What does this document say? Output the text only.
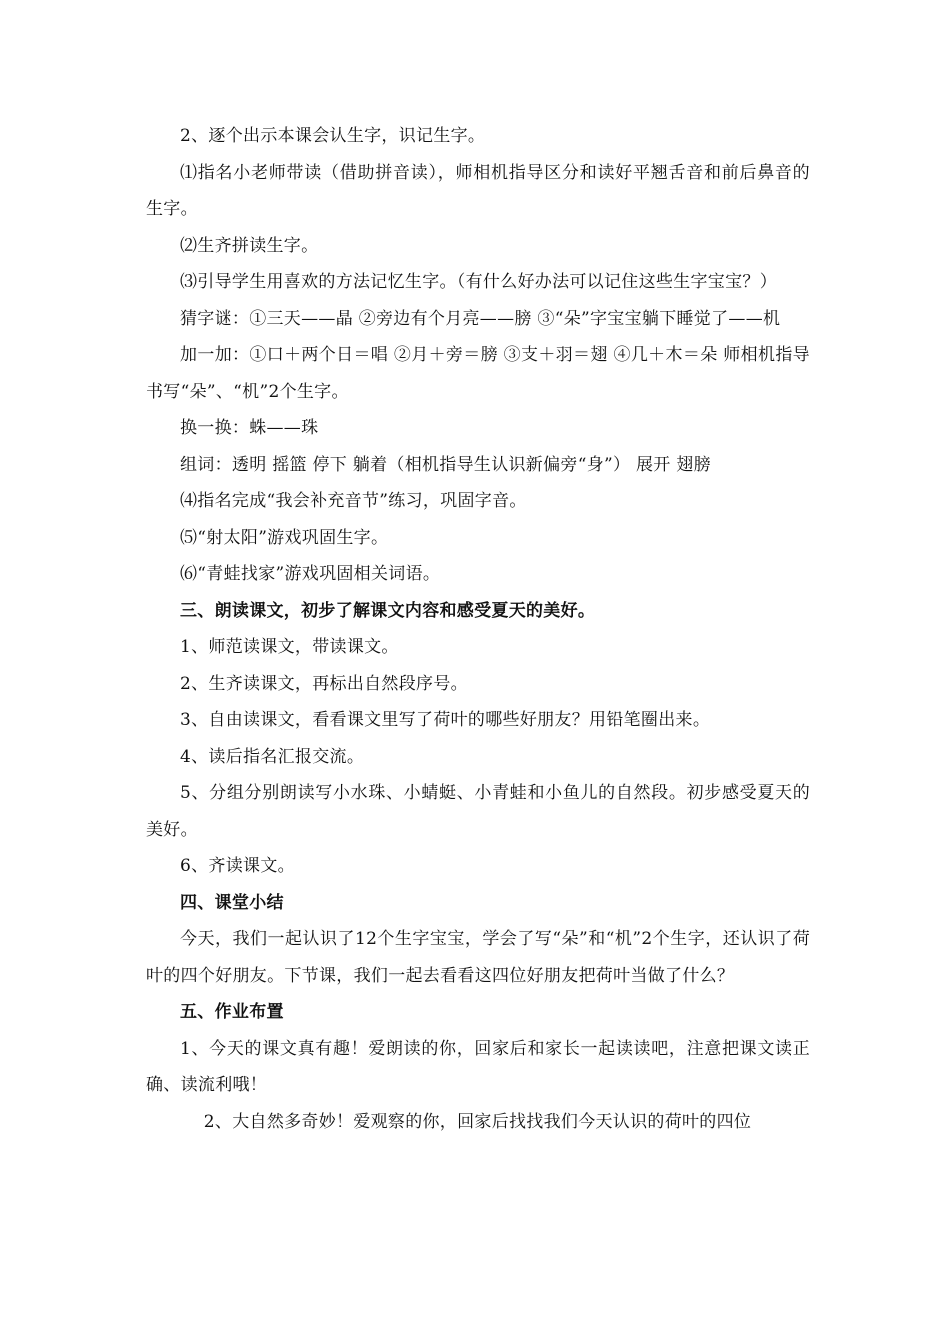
2、逐个出示本课会认生字，识记生字。

⑴指名小老师带读（借助拼音读），师相机指导区分和读好平翘舌音和前后鼻音的生字。

⑵生齐拼读生字。

⑶引导学生用喜欢的方法记忆生字。（有什么好办法可以记住这些生字宝宝？）

猜字谜：①三天——晶 ②旁边有个月亮——膀 ③“朵”字宝宝躺下睡觉了——机

加一加：①口＋两个日＝唱 ②月＋旁＝膀 ③支＋羽＝翅 ④几＋木＝朵 师相机指导书写“朵”、“机”2个生字。

换一换：蛛——珠

组词：透明 摇篮 停下 躺着（相机指导生认识新偏旁“身”） 展开 翅膀

⑷指名完成“我会补充音节”练习，巩固字音。

⑸“射太阳”游戏巩固生字。

⑹“青蛙找家”游戏巩固相关词语。

三、朗读课文，初步了解课文内容和感受夏天的美好。

1、师范读课文，带读课文。

2、生齐读课文，再标出自然段序号。

3、自由读课文，看看课文里写了荷叶的哪些好朋友？用铅笔圈出来。

4、读后指名汇报交流。

5、分组分别朗读写小水珠、小蜻蜓、小青蛙和小鱼儿的自然段。初步感受夏天的美好。

6、齐读课文。

四、课堂小结

今天，我们一起认识了12个生字宝宝，学会了写“朵”和“机”2个生字，还认识了荷叶的四个好朋友。下节课，我们一起去看看这四位好朋友把荷叶当做了什么？

五、作业布置

1、今天的课文真有趣！爱朗读的你，回家后和家长一起读读吧，注意把课文读正确、读流利哦！

2、大自然多奇妙！爱观察的你，回家后找找我们今天认识的荷叶的四位
